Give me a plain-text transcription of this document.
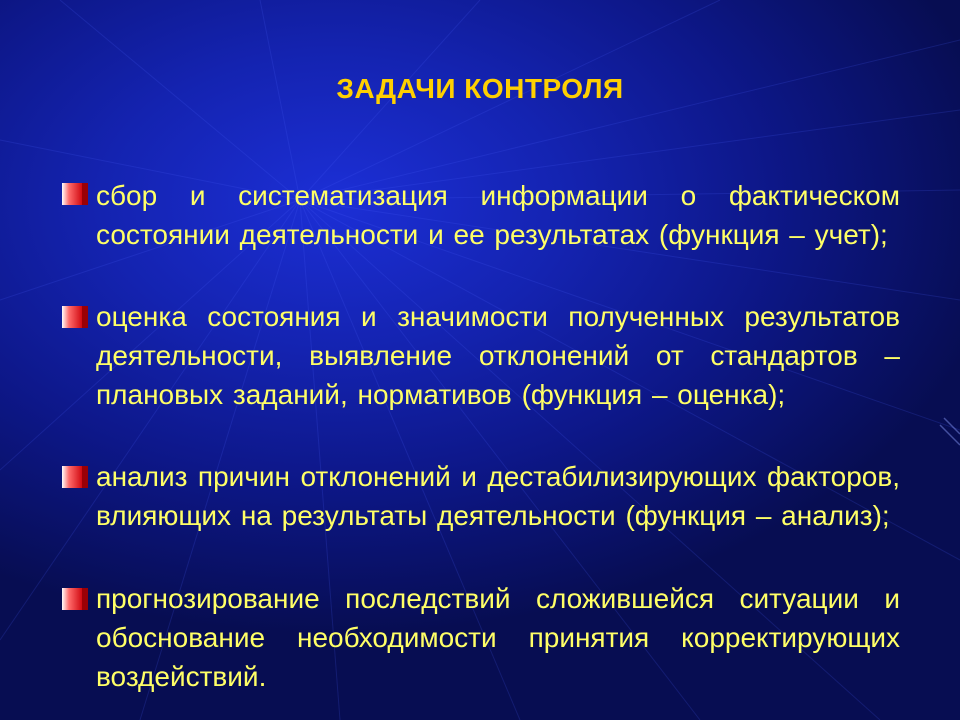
ЗАДАЧИ КОНТРОЛЯ

сбор и систематизация информации о фактическом состоянии деятельности и ее результатах (функция – учет);

оценка состояния и значимости полученных результатов деятельности, выявление отклонений от стандартов – плановых заданий, нормативов (функция – оценка);

анализ причин отклонений и дестабилизирующих факторов, влияющих на результаты деятельности (функция – анализ);

прогнозирование последствий сложившейся ситуации и обоснование необходимости принятия корректирующих воздействий.
